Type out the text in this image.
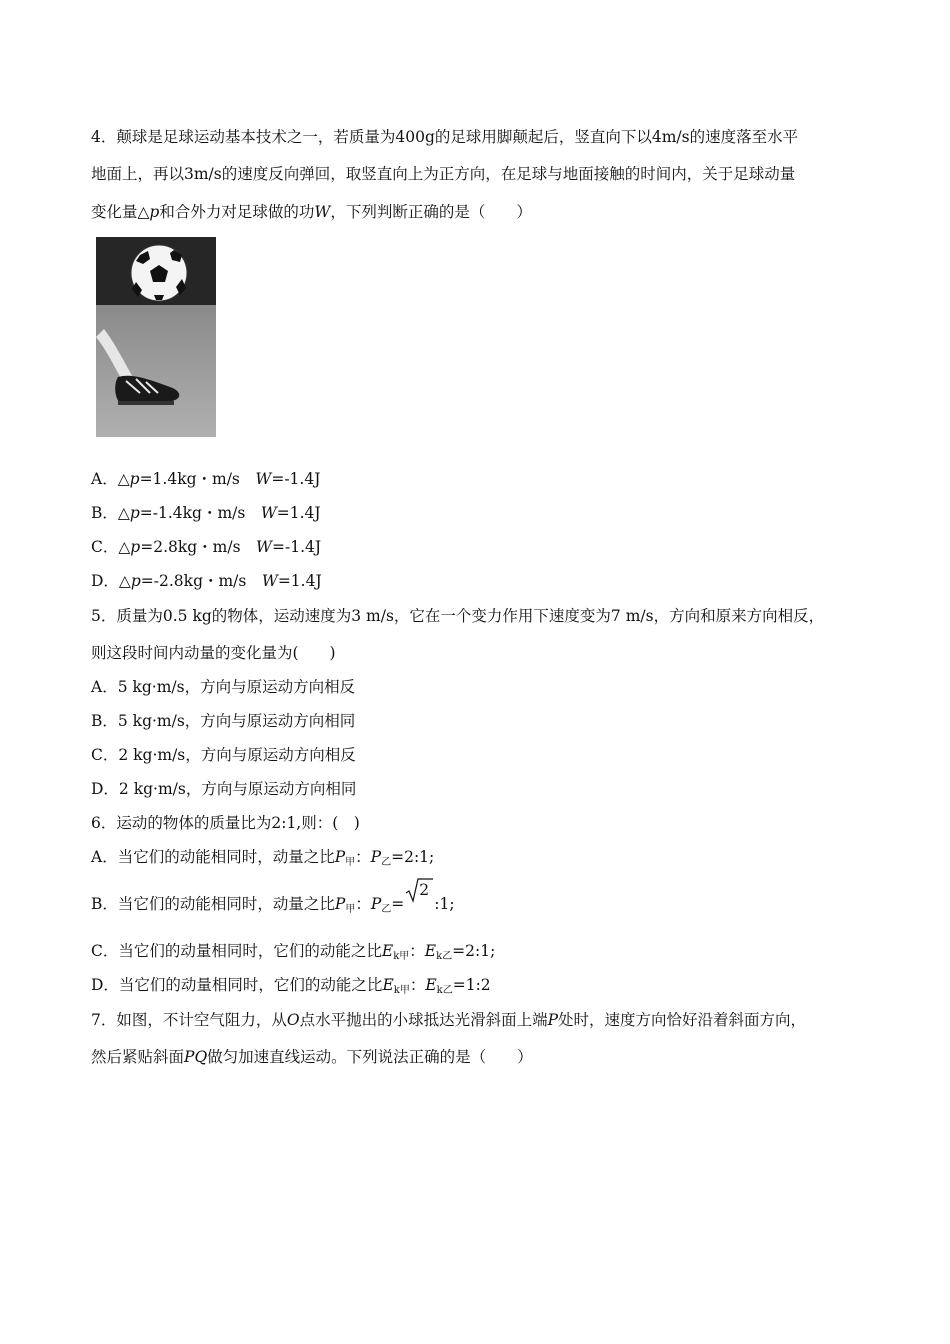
4．颠球是足球运动基本技术之一，若质量为400g的足球用脚颠起后，竖直向下以4m/s的速度落至水平
地面上，再以3m/s的速度反向弹回，取竖直向上为正方向，在足球与地面接触的时间内，关于足球动量
变化量△p和合外力对足球做的功W，下列判断正确的是（　　）
A．△p=1.4kg・m/s　W=-1.4J
B．△p=-1.4kg・m/s　W=1.4J
C．△p=2.8kg・m/s　W=-1.4J
D．△p=-2.8kg・m/s　W=1.4J
5．质量为0.5 kg的物体，运动速度为3 m/s，它在一个变力作用下速度变为7 m/s，方向和原来方向相反，
则这段时间内动量的变化量为(　　)
A．5 kg·m/s，方向与原运动方向相反
B．5 kg·m/s，方向与原运动方向相同
C．2 kg·m/s，方向与原运动方向相反
D．2 kg·m/s，方向与原运动方向相同
6．运动的物体的质量比为2:1,则：(　)
A．当它们的动能相同时，动量之比P甲：P乙=2:1;
B．当它们的动能相同时，动量之比P甲：P乙=
2
:1;
C．当它们的动量相同时，它们的动能之比Ek甲：Ek乙=2:1;
D．当它们的动量相同时，它们的动能之比Ek甲：Ek乙=1:2
7．如图，不计空气阻力，从O点水平抛出的小球抵达光滑斜面上端P处时，速度方向恰好沿着斜面方向，
然后紧贴斜面PQ做匀加速直线运动。下列说法正确的是（　　）
